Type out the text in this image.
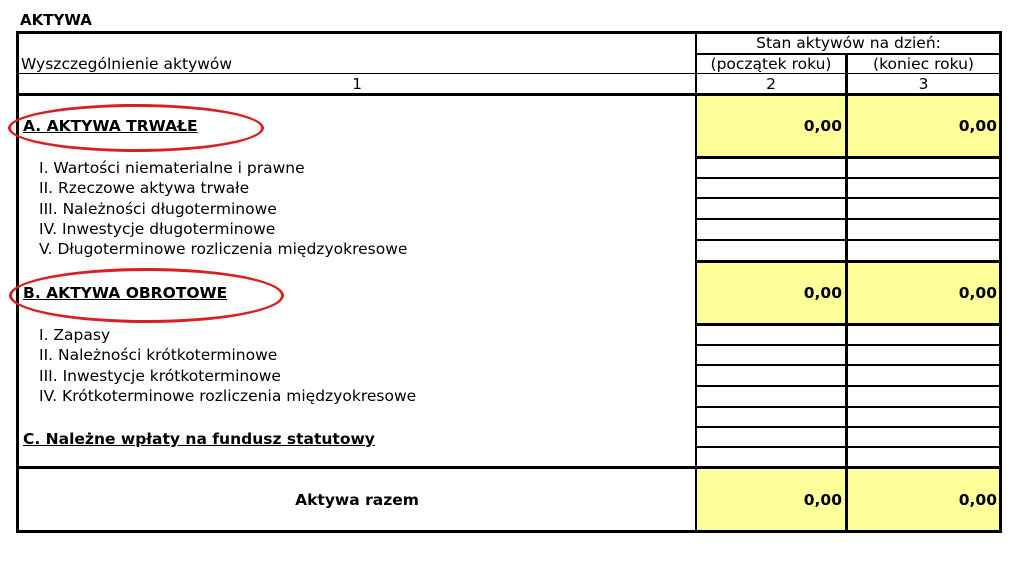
AKTYWA
Stan aktywów na dzień:
Wyszczególnienie aktywów	(początek roku)	(koniec roku)
1	2	3
A. AKTYWA TRWAŁE	0,00	0,00
I. Wartości niematerialne i prawne
II. Rzeczowe aktywa trwałe
III. Należności długoterminowe
IV. Inwestycje długoterminowe
V. Długoterminowe rozliczenia międzyokresowe
B. AKTYWA OBROTOWE	0,00	0,00
I. Zapasy
II. Należności krótkoterminowe
III. Inwestycje krótkoterminowe
IV. Krótkoterminowe rozliczenia międzyokresowe
C. Należne wpłaty na fundusz statutowy
Aktywa razem	0,00	0,00
